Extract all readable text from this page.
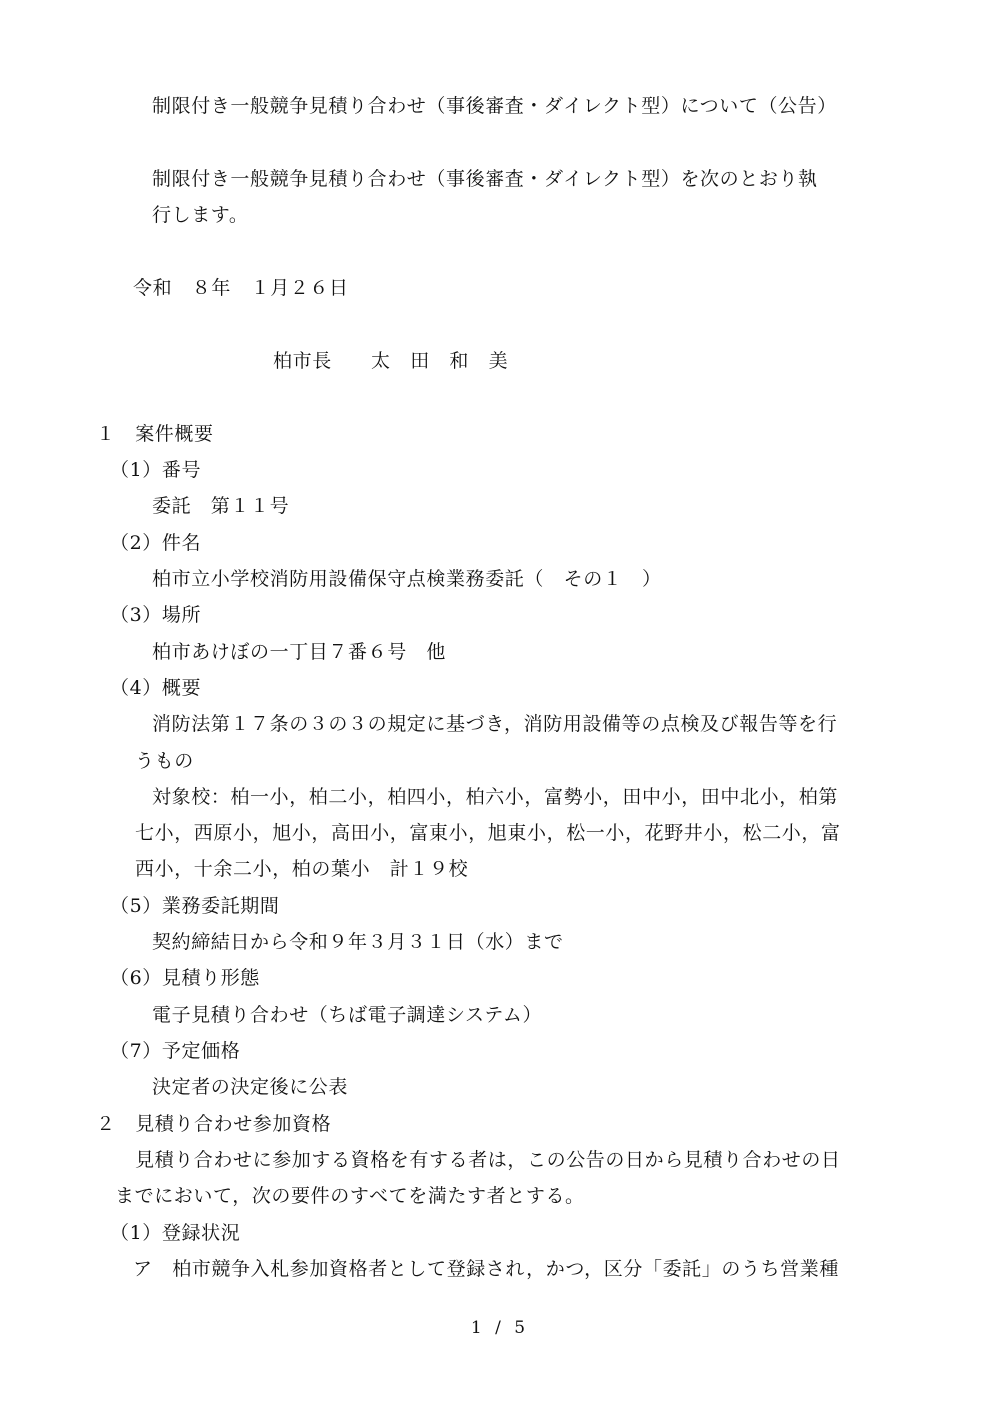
制限付き一般競争見積り合わせ（事後審査・ダイレクト型）について（公告）
制限付き一般競争見積り合わせ（事後審査・ダイレクト型）を次のとおり執
行します。
令和　８年　１月２６日
柏市長　　太　田　和　美
１　案件概要
（1）番号
委託　第１１号
（2）件名
柏市立小学校消防用設備保守点検業務委託（　その１　）
（3）場所
柏市あけぼの一丁目７番６号　他
（4）概要
消防法第１７条の３の３の規定に基づき，消防用設備等の点検及び報告等を行
うもの
対象校：柏一小，柏二小，柏四小，柏六小，富勢小，田中小，田中北小，柏第
七小，西原小，旭小，高田小，富東小，旭東小，松一小，花野井小，松二小，富
西小，十余二小，柏の葉小　計１９校
（5）業務委託期間
契約締結日から令和９年３月３１日（水）まで
（6）見積り形態
電子見積り合わせ（ちば電子調達システム）
（7）予定価格
決定者の決定後に公表
２　見積り合わせ参加資格
見積り合わせに参加する資格を有する者は，この公告の日から見積り合わせの日
までにおいて，次の要件のすべてを満たす者とする。
（1）登録状況
ア　柏市競争入札参加資格者として登録され，かつ，区分「委託」のうち営業種
1 / 5
